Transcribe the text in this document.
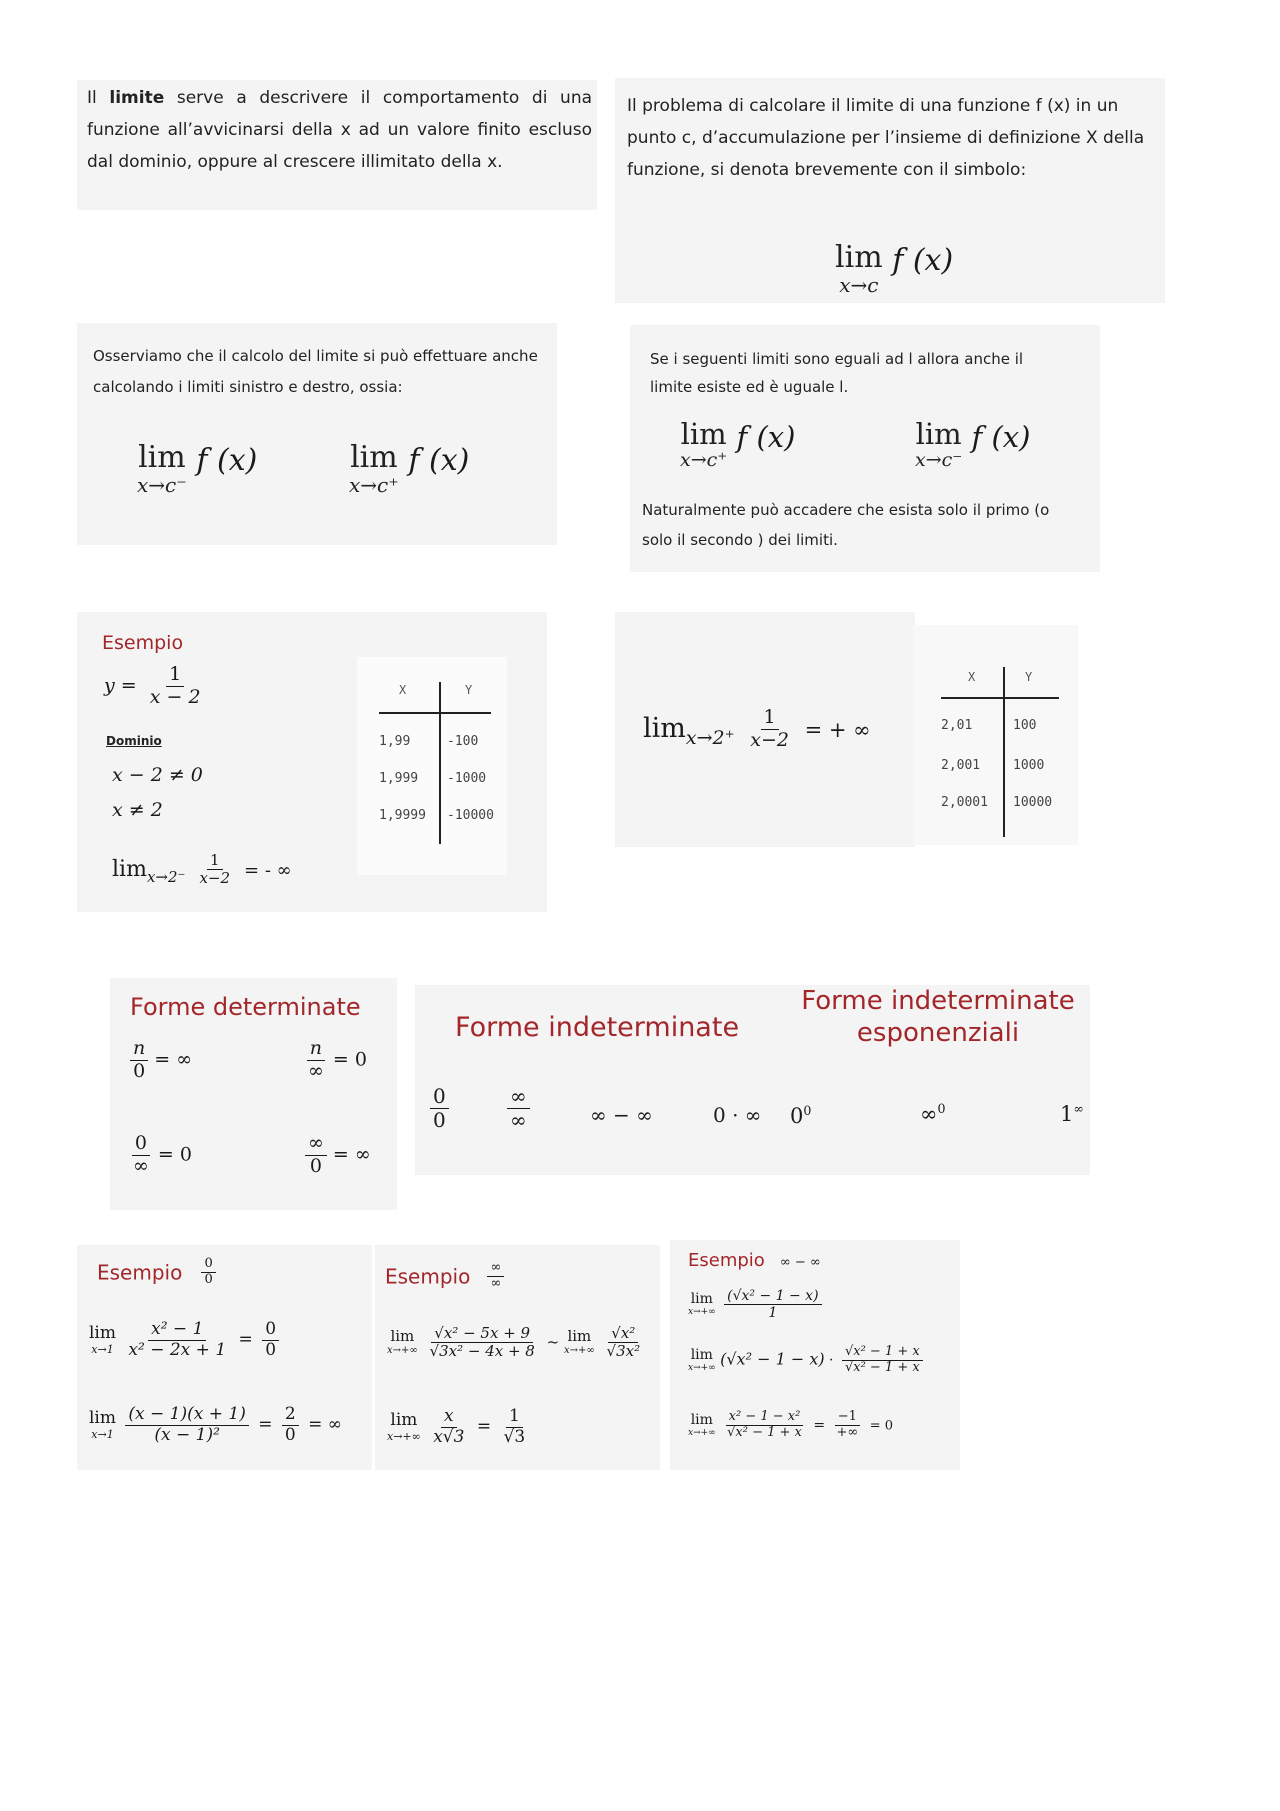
Il limite serve a descrivere il comportamento di una funzione all’avvicinarsi della x ad un valore finito escluso dal dominio, oppure al crescere illimitato della x.
Il problema di calcolare il limite di una funzione f (x) in un punto c, d’accumulazione per l’insieme di definizione X della funzione, si denota brevemente con il simbolo:
lim
x→c
f (x)
Osserviamo che il calcolo del limite si può effettuare anche calcolando i limiti sinistro e destro, ossia:
lim
x→c⁻
f (x)	lim
x→c⁺
f (x)
Se i seguenti limiti sono eguali ad l allora anche il limite esiste ed è uguale l.
lim
x→c⁺
f (x)	lim
x→c⁻
f (x)
Naturalmente può accadere che esista solo il primo (o solo il secondo ) dei limiti.
Esempio
$y = \frac{1}{x - 2}$
Dominio
x − 2 ≠ 0
x ≠ 2
$\lim_{x\to 2^-} \frac{1}{x-2}$ = - ∞
X	Y
1,99	-100
1,999 -1000
1,9999 -10000
$\lim_{x\to 2^+} \frac{1}{x-2}$ = + ∞
X	Y
2,01	100
2,001	1000
2,0001 10000
Forme determinate
$\frac{n}{0}$ = ∞	$\frac{n}{\infty} = 0$
$\frac{0}{\infty} = 0$	$\frac{\infty}{0}$ = ∞
Forme indeterminate
Forme indeterminate
esponenziali
$\frac{0}{0}$	$\frac{\infty}{\infty}$	∞ − ∞	0 · ∞ $0^0$	∞$^0$	1∞
Esempio $\frac{0}{0}$
lim
x→1
$\frac{\text{x² − 1}}{\text{x² − 2x + 1}} = \frac{0}{0}$
lim
x→1
$\frac{(x - 1)(x + 1)}{\text{(x − 1)²}} = \frac{2}{0}$ = ∞
Esempio $\frac{\infty}{\infty}$
lim
x→+∞
$\frac{\text{√x² − 5x + 9}}{\text{√3x² − 4x + 8}}$ ~ lim
x→+∞
$\frac{\text{√x²}}{\text{√3x²}}$
lim
x→+∞
$\frac{x}{x√3} = \frac{1}{√3}$
Esempio ∞ − ∞
lim
x→+∞
$\frac{\text{(√x² − 1 − x)}}{1}$
lim
x→+∞ $(√x^2 - 1 - x) \cdot \frac{\text{√x² − 1 + x}}{\text{√x² − 1 + x}}$
lim
x→+∞
$\frac{\text{x² − 1 − x²}}{\text{√x² − 1 + x}} = \frac{-1}{+\infty} = 0$
